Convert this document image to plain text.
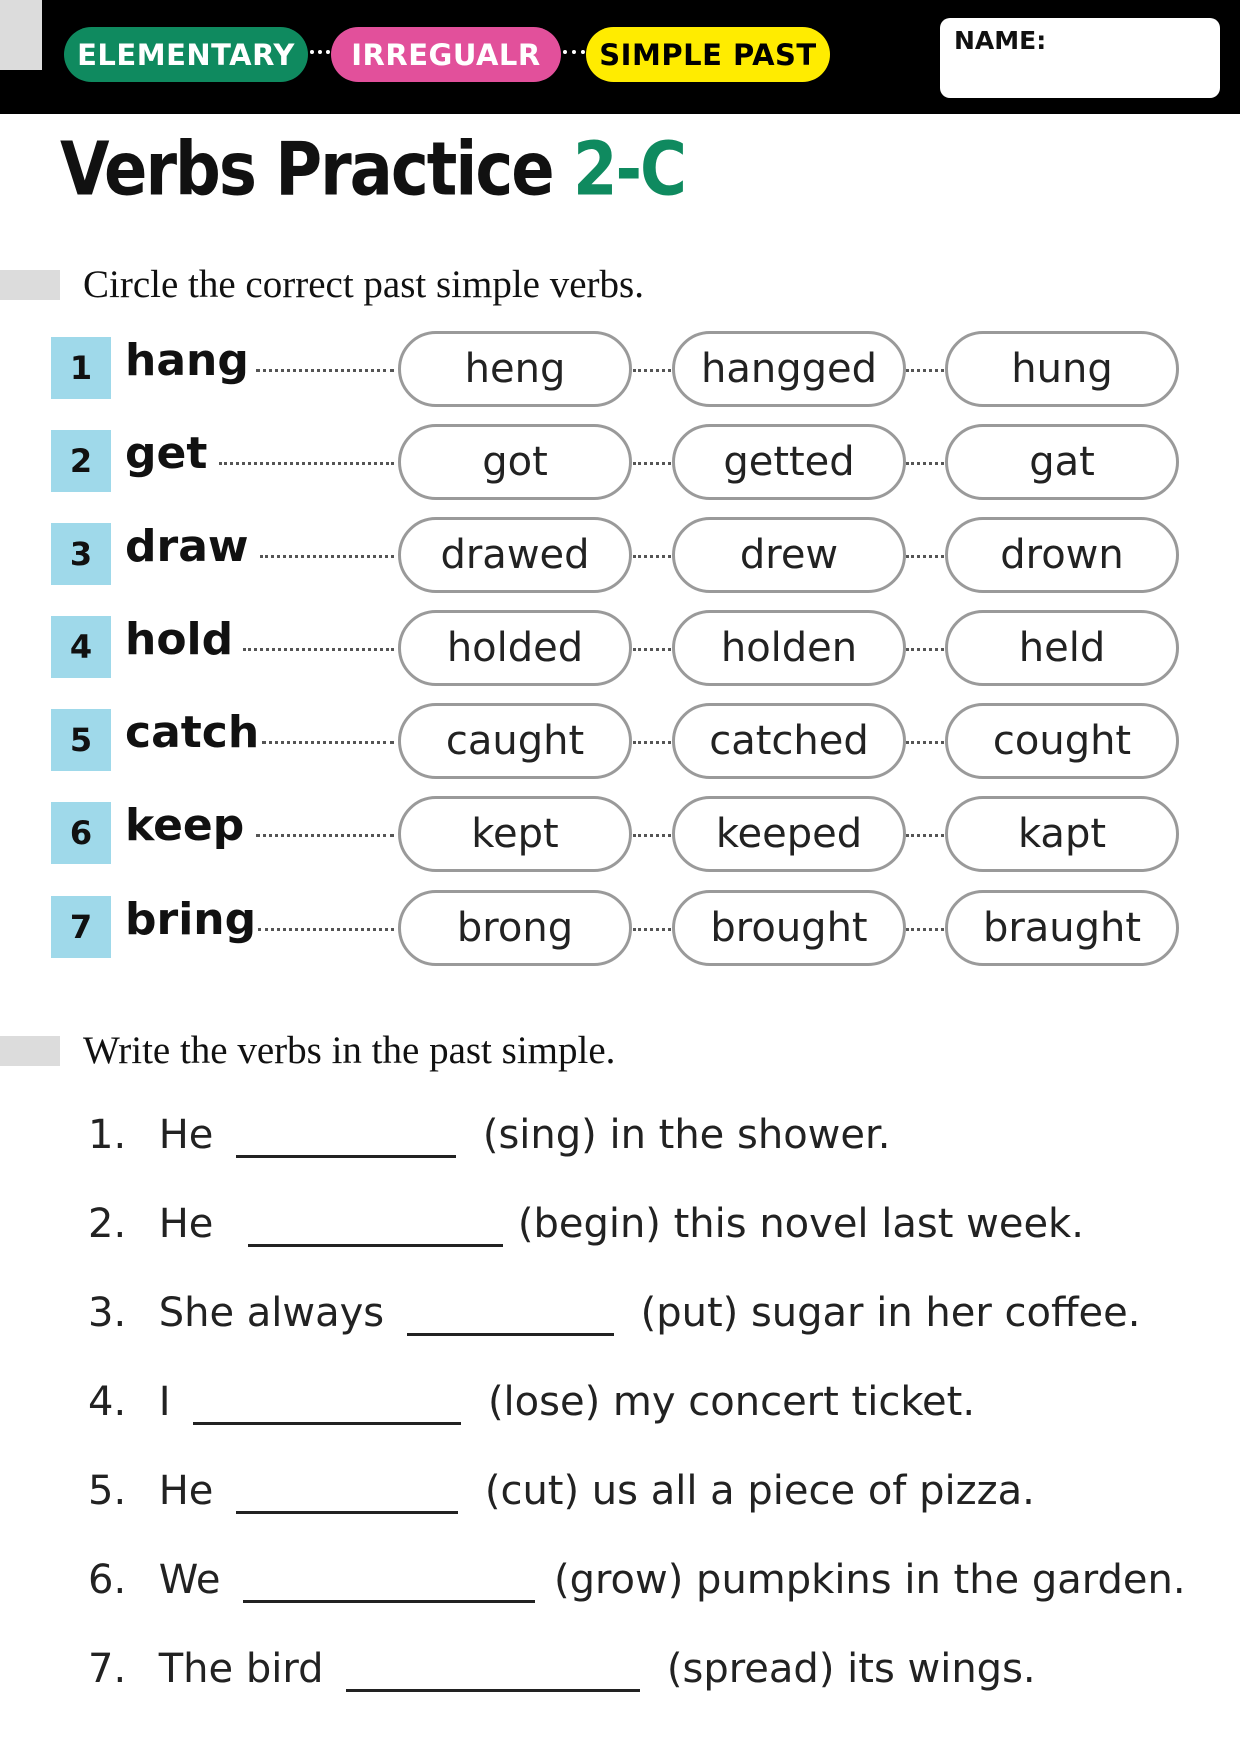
ELEMENTARY	IRREGUALR	SIMPLE PAST	NAME:
Verbs Practice 2-C
Circle the correct past simple verbs.
1 hang	heng	hangged	hung
2 get	got	getted	gat
3 draw	drawed	drew	drown
4 hold	holded	holden	held
5 catch	caught	catched	cought
6 keep	kept	keeped	kapt
7 bring	brong	brought	braught
Write the verbs in the past simple.
1. He	(sing) in the shower.
2. He	(begin) this novel last week.
3. She always	(put) sugar in her coffee.
4. I	(lose) my concert ticket.
5. He	(cut) us all a piece of pizza.
6. We	(grow) pumpkins in the garden.
7. The bird	(spread) its wings.
